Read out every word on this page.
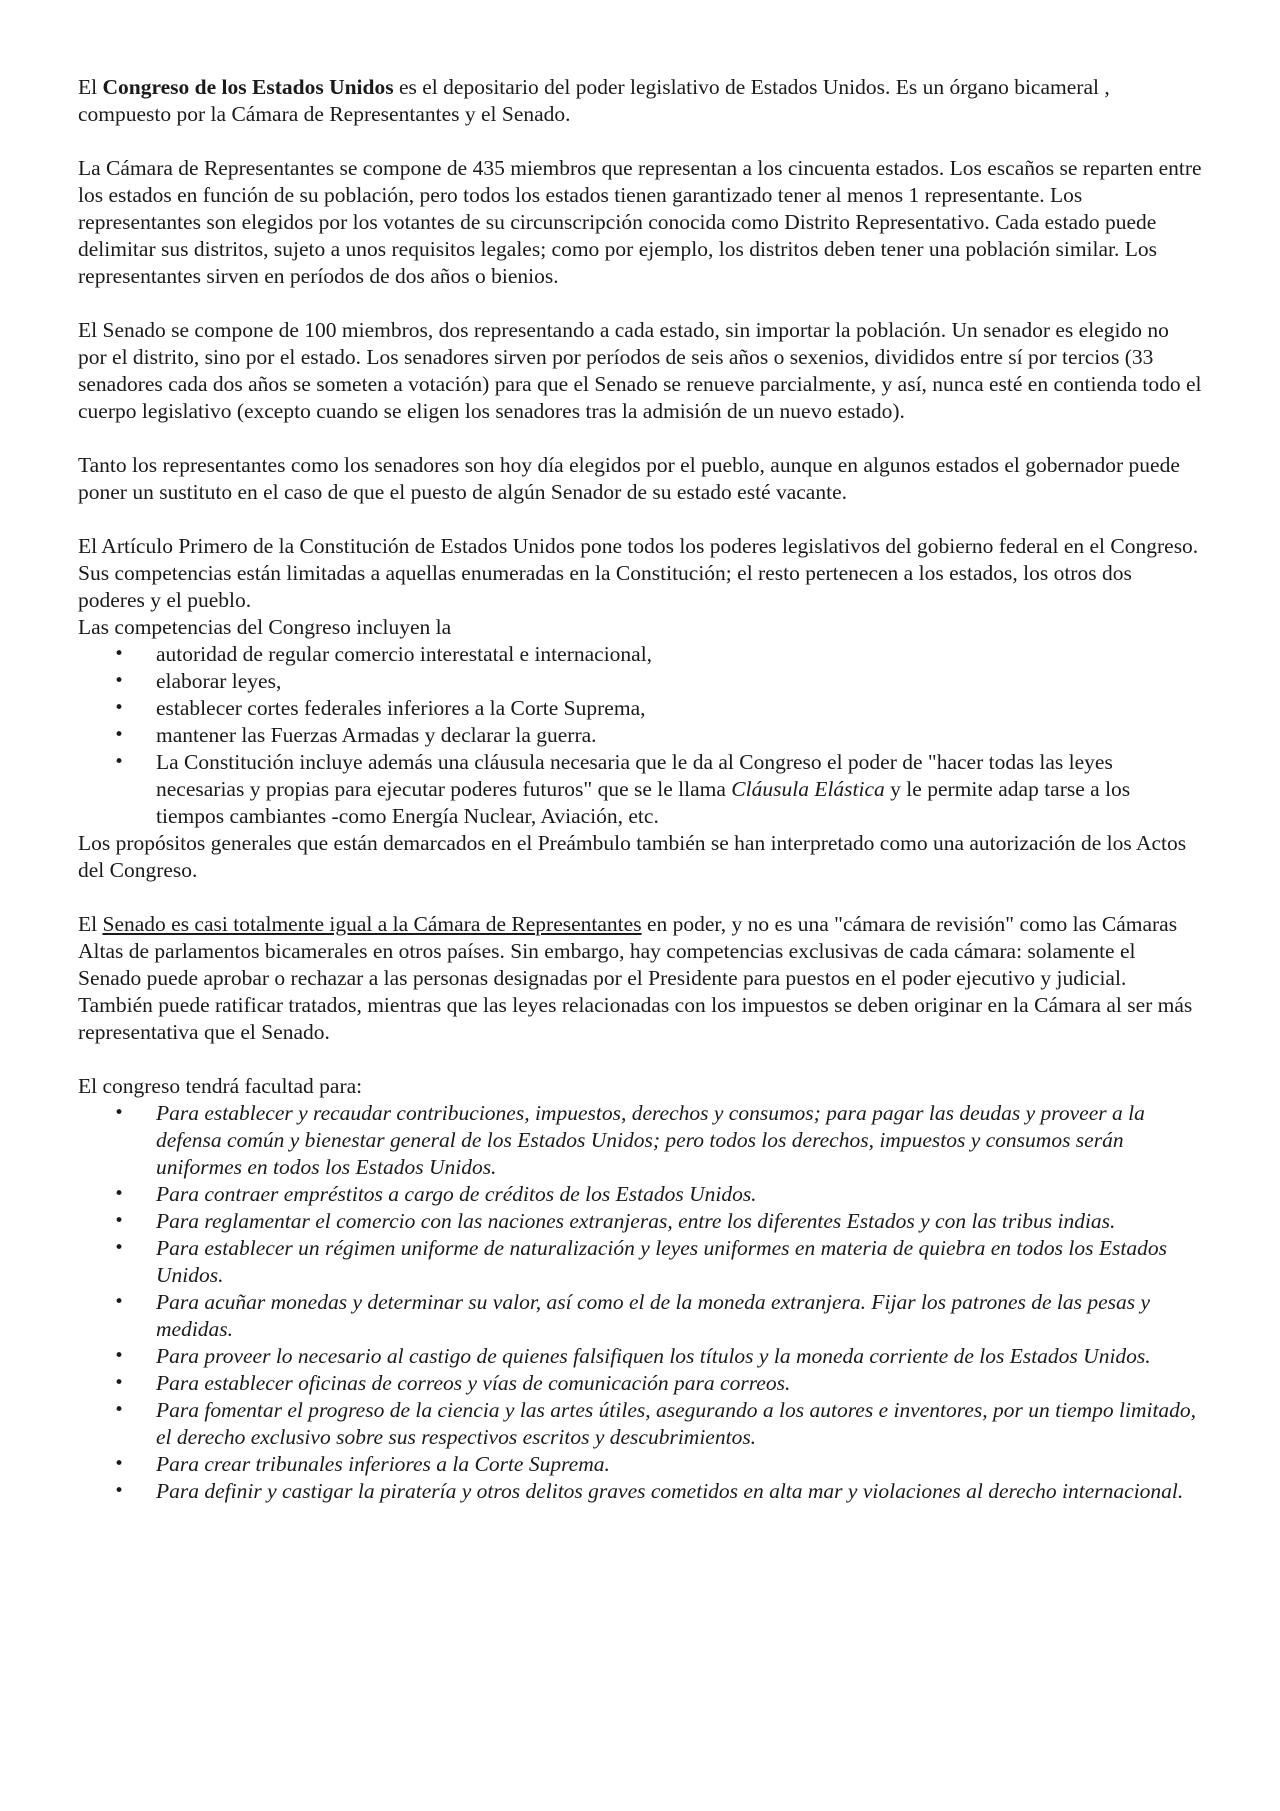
El Congreso de los Estados Unidos es el depositario del poder legislativo de Estados Unidos. Es un órgano bicameral , compuesto por la Cámara de Representantes y el Senado.

La Cámara de Representantes se compone de 435 miembros que representan a los cincuenta estados. Los escaños se reparten entre los estados en función de su población, pero todos los estados tienen garantizado tener al menos 1 representante. Los representantes son elegidos por los votantes de su circunscripción conocida como Distrito Representativo. Cada estado puede delimitar sus distritos, sujeto a unos requisitos legales; como por ejemplo, los distritos deben tener una población similar. Los representantes sirven en períodos de dos años o bienios.

El Senado se compone de 100 miembros, dos representando a cada estado, sin importar la población. Un senador es elegido no por el distrito, sino por el estado. Los senadores sirven por períodos de seis años o sexenios, divididos entre sí por tercios (33 senadores cada dos años se someten a votación) para que el Senado se renueve parcialmente, y así, nunca esté en contienda todo el cuerpo legislativo (excepto cuando se eligen los senadores tras la admisión de un nuevo estado).

Tanto los representantes como los senadores son hoy día elegidos por el pueblo, aunque en algunos estados el gobernador puede poner un sustituto en el caso de que el puesto de algún Senador de su estado esté vacante.

El Artículo Primero de la Constitución de Estados Unidos pone todos los poderes legislativos del gobierno federal en el Congreso. Sus competencias están limitadas a aquellas enumeradas en la Constitución; el resto pertenecen a los estados, los otros dos poderes y el pueblo.

Las competencias del Congreso incluyen la

• autoridad de regular comercio interestatal e internacional,
• elaborar leyes,
• establecer cortes federales inferiores a la Corte Suprema,
• mantener las Fuerzas Armadas y declarar la guerra.
• La Constitución incluye además una cláusula necesaria que le da al Congreso el poder de "hacer todas las leyes necesarias y propias para ejecutar poderes futuros" que se le llama Cláusula Elástica y le permite adap tarse a los tiempos cambiantes -como Energía Nuclear, Aviación, etc.

Los propósitos generales que están demarcados en el Preámbulo también se han interpretado como una autorización de los Actos del Congreso.

El Senado es casi totalmente igual a la Cámara de Representantes en poder, y no es una "cámara de revisión" como las Cámaras Altas de parlamentos bicamerales en otros países. Sin embargo, hay competencias exclusivas de cada cámara: solamente el Senado puede aprobar o rechazar a las personas designadas por el Presidente para puestos en el poder ejecutivo y judicial.

También puede ratificar tratados, mientras que las leyes relacionadas con los impuestos se deben originar en la Cámara al ser más representativa que el Senado.

El congreso tendrá facultad para:

• Para establecer y recaudar contribuciones, impuestos, derechos y consumos; para pagar las deudas y proveer a la defensa común y bienestar general de los Estados Unidos; pero todos los derechos, impuestos y consumos serán uniformes en todos los Estados Unidos.
• Para contraer empréstitos a cargo de créditos de los Estados Unidos.
• Para reglamentar el comercio con las naciones extranjeras, entre los diferentes Estados y con las tribus indias.
• Para establecer un régimen uniforme de naturalización y leyes uniformes en materia de quiebra en todos los Estados Unidos.
• Para acuñar monedas y determinar su valor, así como el de la moneda extranjera. Fijar los patrones de las pesas y medidas.
• Para proveer lo necesario al castigo de quienes falsifiquen los títulos y la moneda corriente de los Estados Unidos.
• Para establecer oficinas de correos y vías de comunicación para correos.
• Para fomentar el progreso de la ciencia y las artes útiles, asegurando a los autores e inventores, por un tiempo limitado, el derecho exclusivo sobre sus respectivos escritos y descubrimientos.
• Para crear tribunales inferiores a la Corte Suprema.
• Para definir y castigar la piratería y otros delitos graves cometidos en alta mar y violaciones al derecho internacional.
